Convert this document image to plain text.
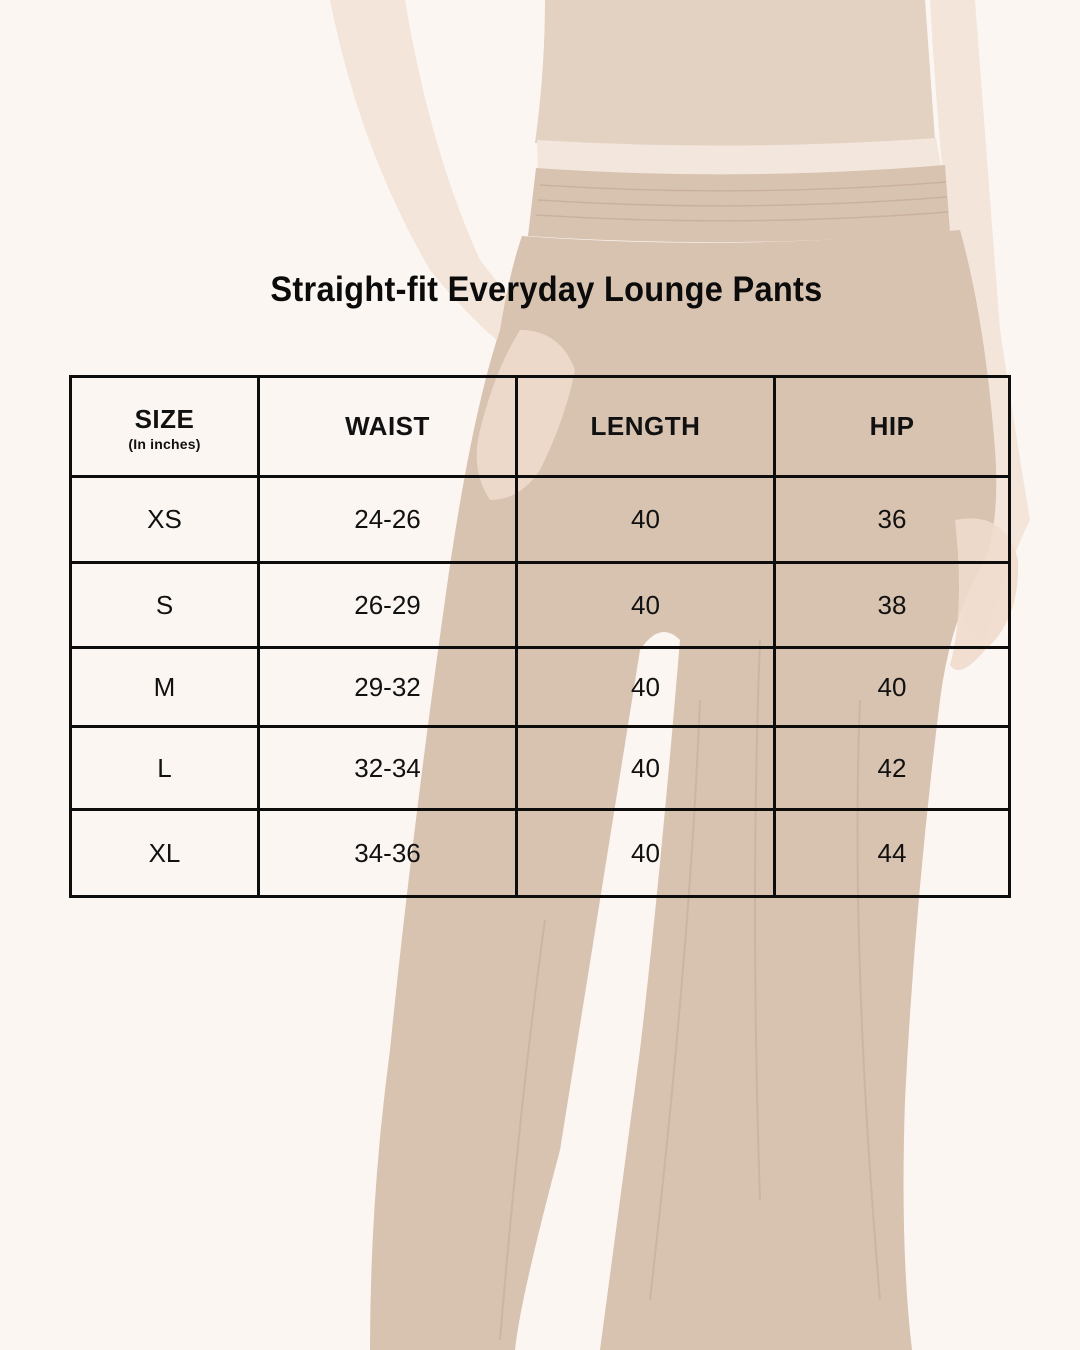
Straight-fit Everyday Lounge Pants
SIZE
(In inches)	WAIST	LENGTH	HIP
XS	24-26	40	36
S	26-29	40	38
M	29-32	40	40
L	32-34	40	42
XL	34-36	40	44
